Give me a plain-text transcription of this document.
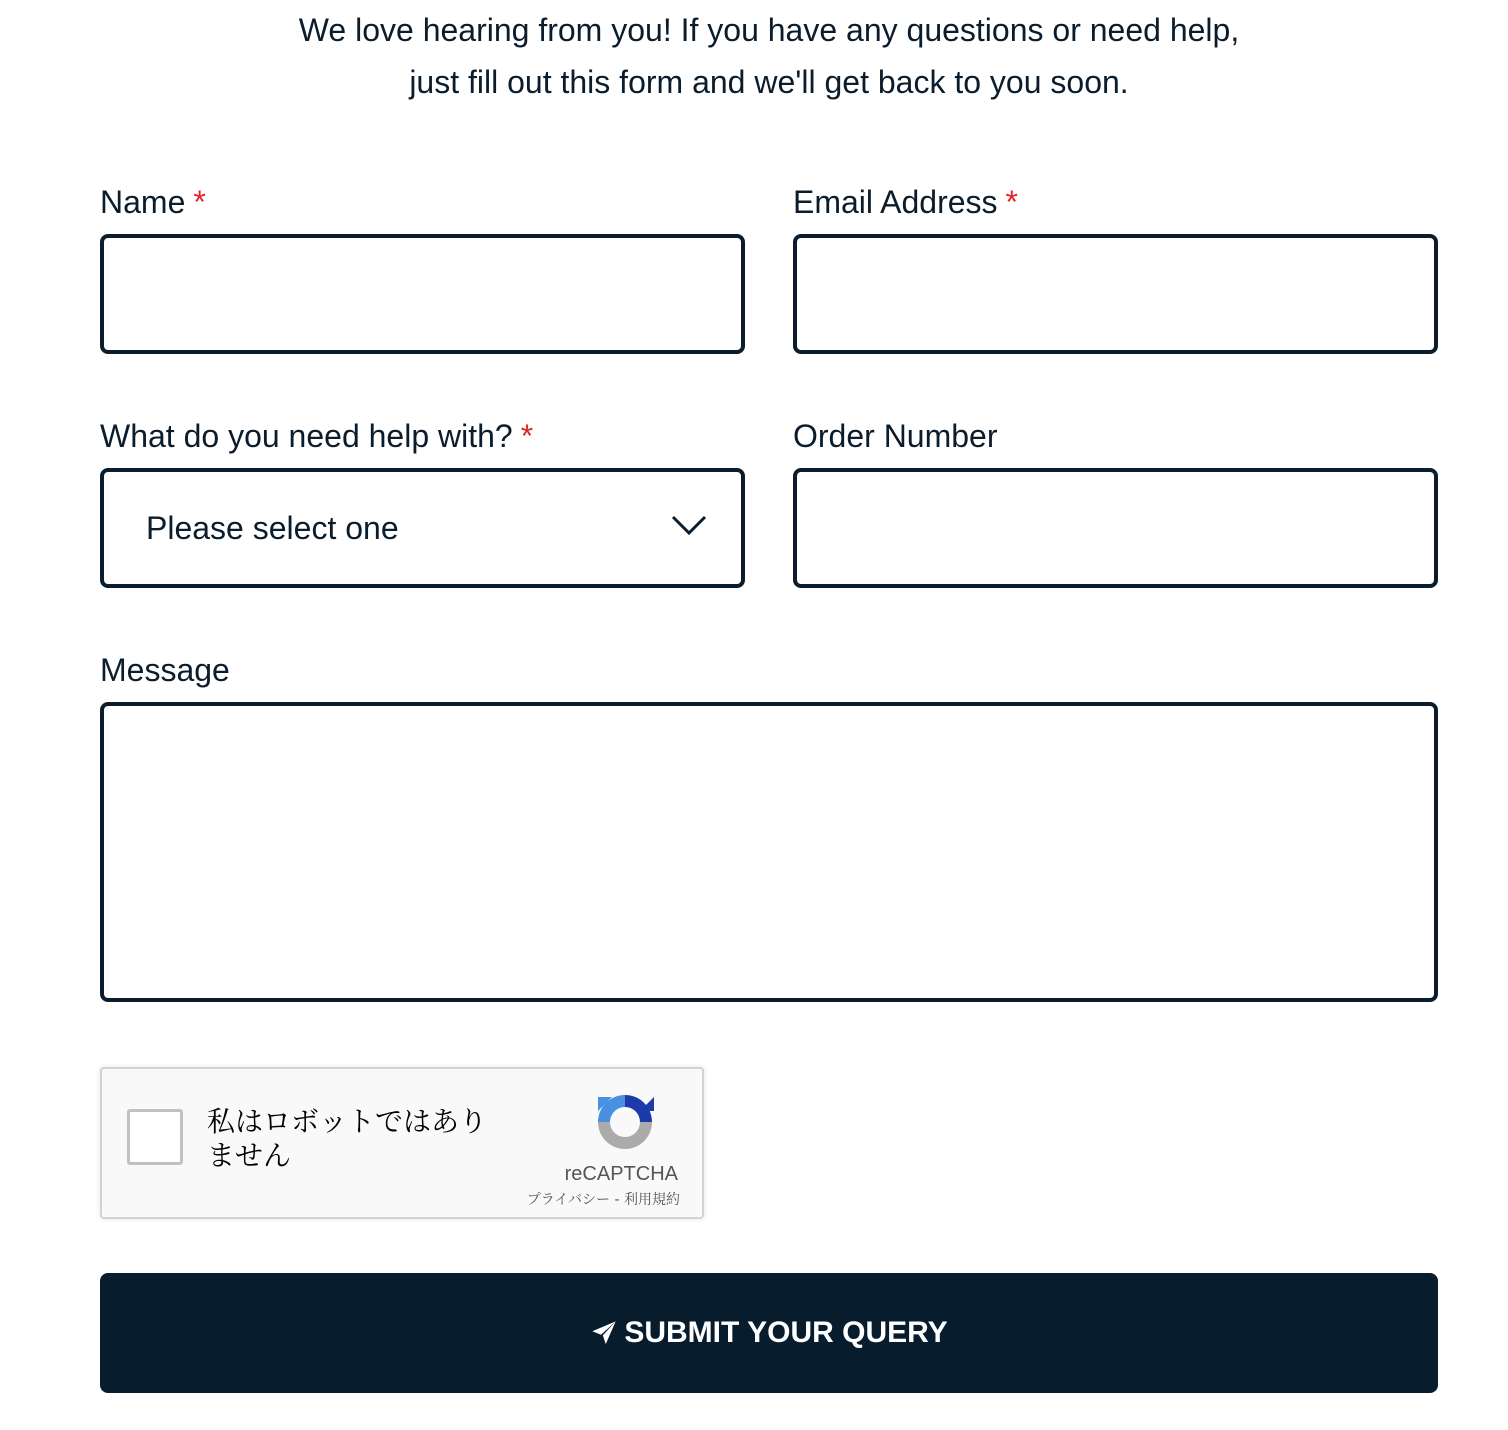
We love hearing from you! If you have any questions or need help,
just fill out this form and we'll get back to you soon.
Name *	Email Address *
What do you need help with? *
Please select one
Order Number
Message
私はロボットではありません
reCAPTCHA
プライバシー - 利用規約
SUBMIT YOUR QUERY
